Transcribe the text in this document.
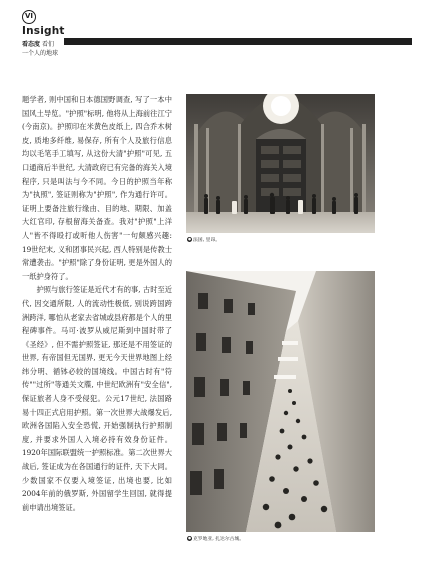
VI
Insight
看态度 看们
一个人的地球

题学者, 则中国和日本德国野调查, 写了一本中国风土导览。"护照"标明, 他将从上海前往江宁(今南京)。护照印在米黄色皮纸上, 四合乔木树皮, 质地多纤维, 易保存, 所有个人及旅行信息均以毛笔手工填写, 从这份大清"护照"可见, 五口通商后半世纪, 大清政府已有完备的海关入境程序, 只是叫法与今不同。今日的护照当年称为"执照", 签证则称为"护照", 作为通行许可。证明上要备注旅行缘由、目的地、期限、加盖大红官印, 存根留海关备查。我对"护照"上洋人"皆不得殴打或听他人伤害"一句颇感兴趣: 19世纪末, 义和团事民兴起, 西人特别是传教士常遭袭击。"护照"除了身份证明, 更是外国人的一纸护身符了。

护照与旅行签证是近代才有的事, 古时至近代, 因交通所限, 人的流动性极低, 别说跨国跨洲跨洋, 哪怕从老家去省城或县府都是个人的里程碑事件。马可·波罗从威尼斯到中国时带了《圣经》, 但不需护照签证, 那还是不用签证的世界, 有帝国但无国界, 更无今天世界地图上经纬分明、循钵必较的国境线。中国古时有"符传""过所"等通关文牒, 中世纪欧洲有"安全信", 保证旅者人身不受侵犯。公元17世纪, 法国路易十四正式启用护照。第一次世界大战爆发后, 欧洲各国陷入安全恐慌, 开始强制执行护照制度, 并要求外国人入境必持有效身份证件。1920年国际联盟统一护照标准。第二次世界大战后, 签证成为在各国通行的证件, 天下大同。少数国家不仅要入境签证, 出境也要, 比如2004年前的俄罗斯, 外国留学生回国, 就得提前申请出境签证。

● 法国, 里昂。
● 克罗地亚, 扎达尔古城。
